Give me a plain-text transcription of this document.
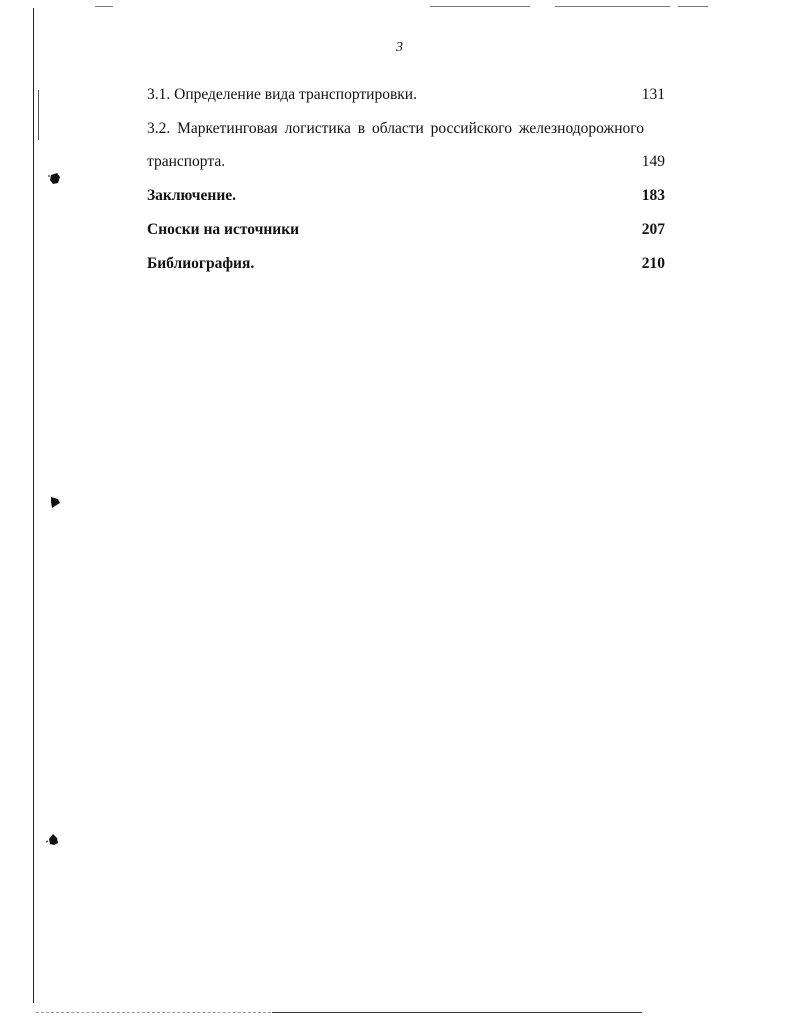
3
3.1. Определение вида транспортировки.	131
3.2. Маркетинговая логистика в области российского железнодорожного
транспорта.	149
Заключение.	183
Сноски на источники	207
Библиография.	210
